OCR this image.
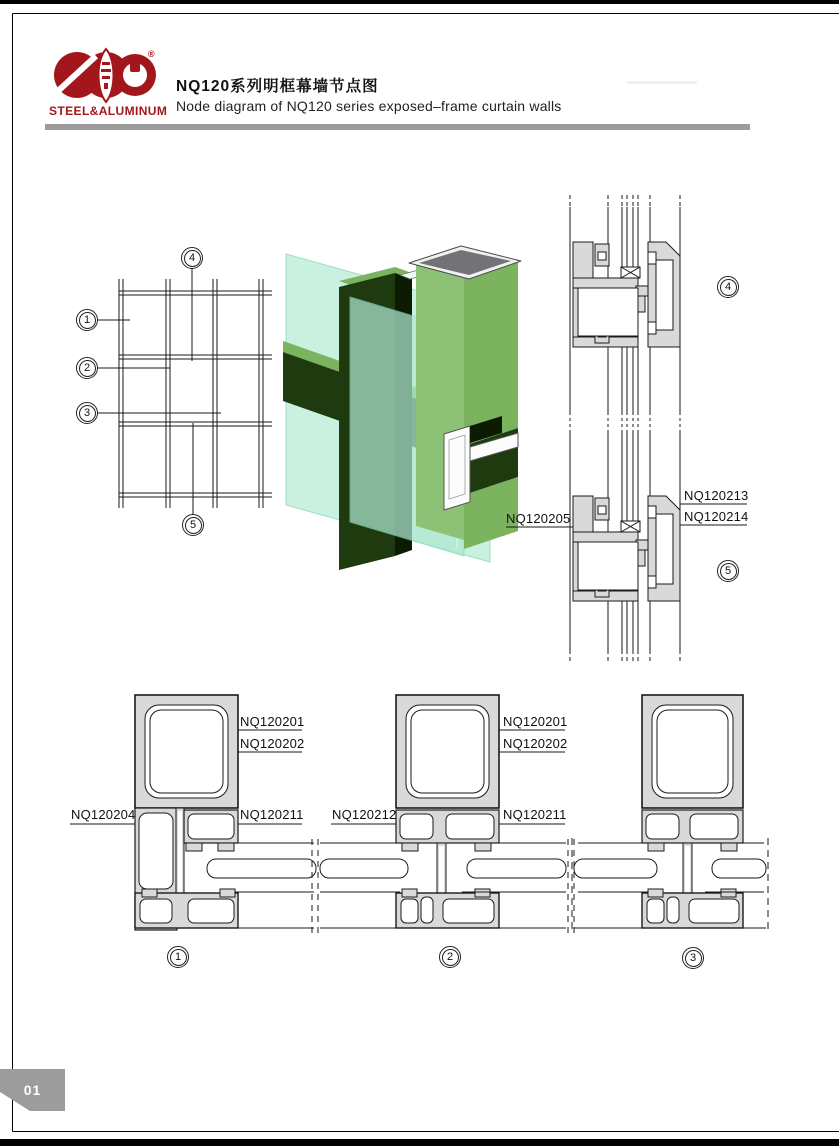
®
STEEL&ALUMINUM
NQ120系列明框幕墙节点图
Node diagram of NQ120 series exposed–frame curtain walls
1
2
3
4
5
4
5
1	2	3
NQ120205
NQ120213
NQ120214
NQ120201
NQ120202
NQ120204	NQ120211
NQ120201
NQ120202
NQ120212	NQ120211
01
